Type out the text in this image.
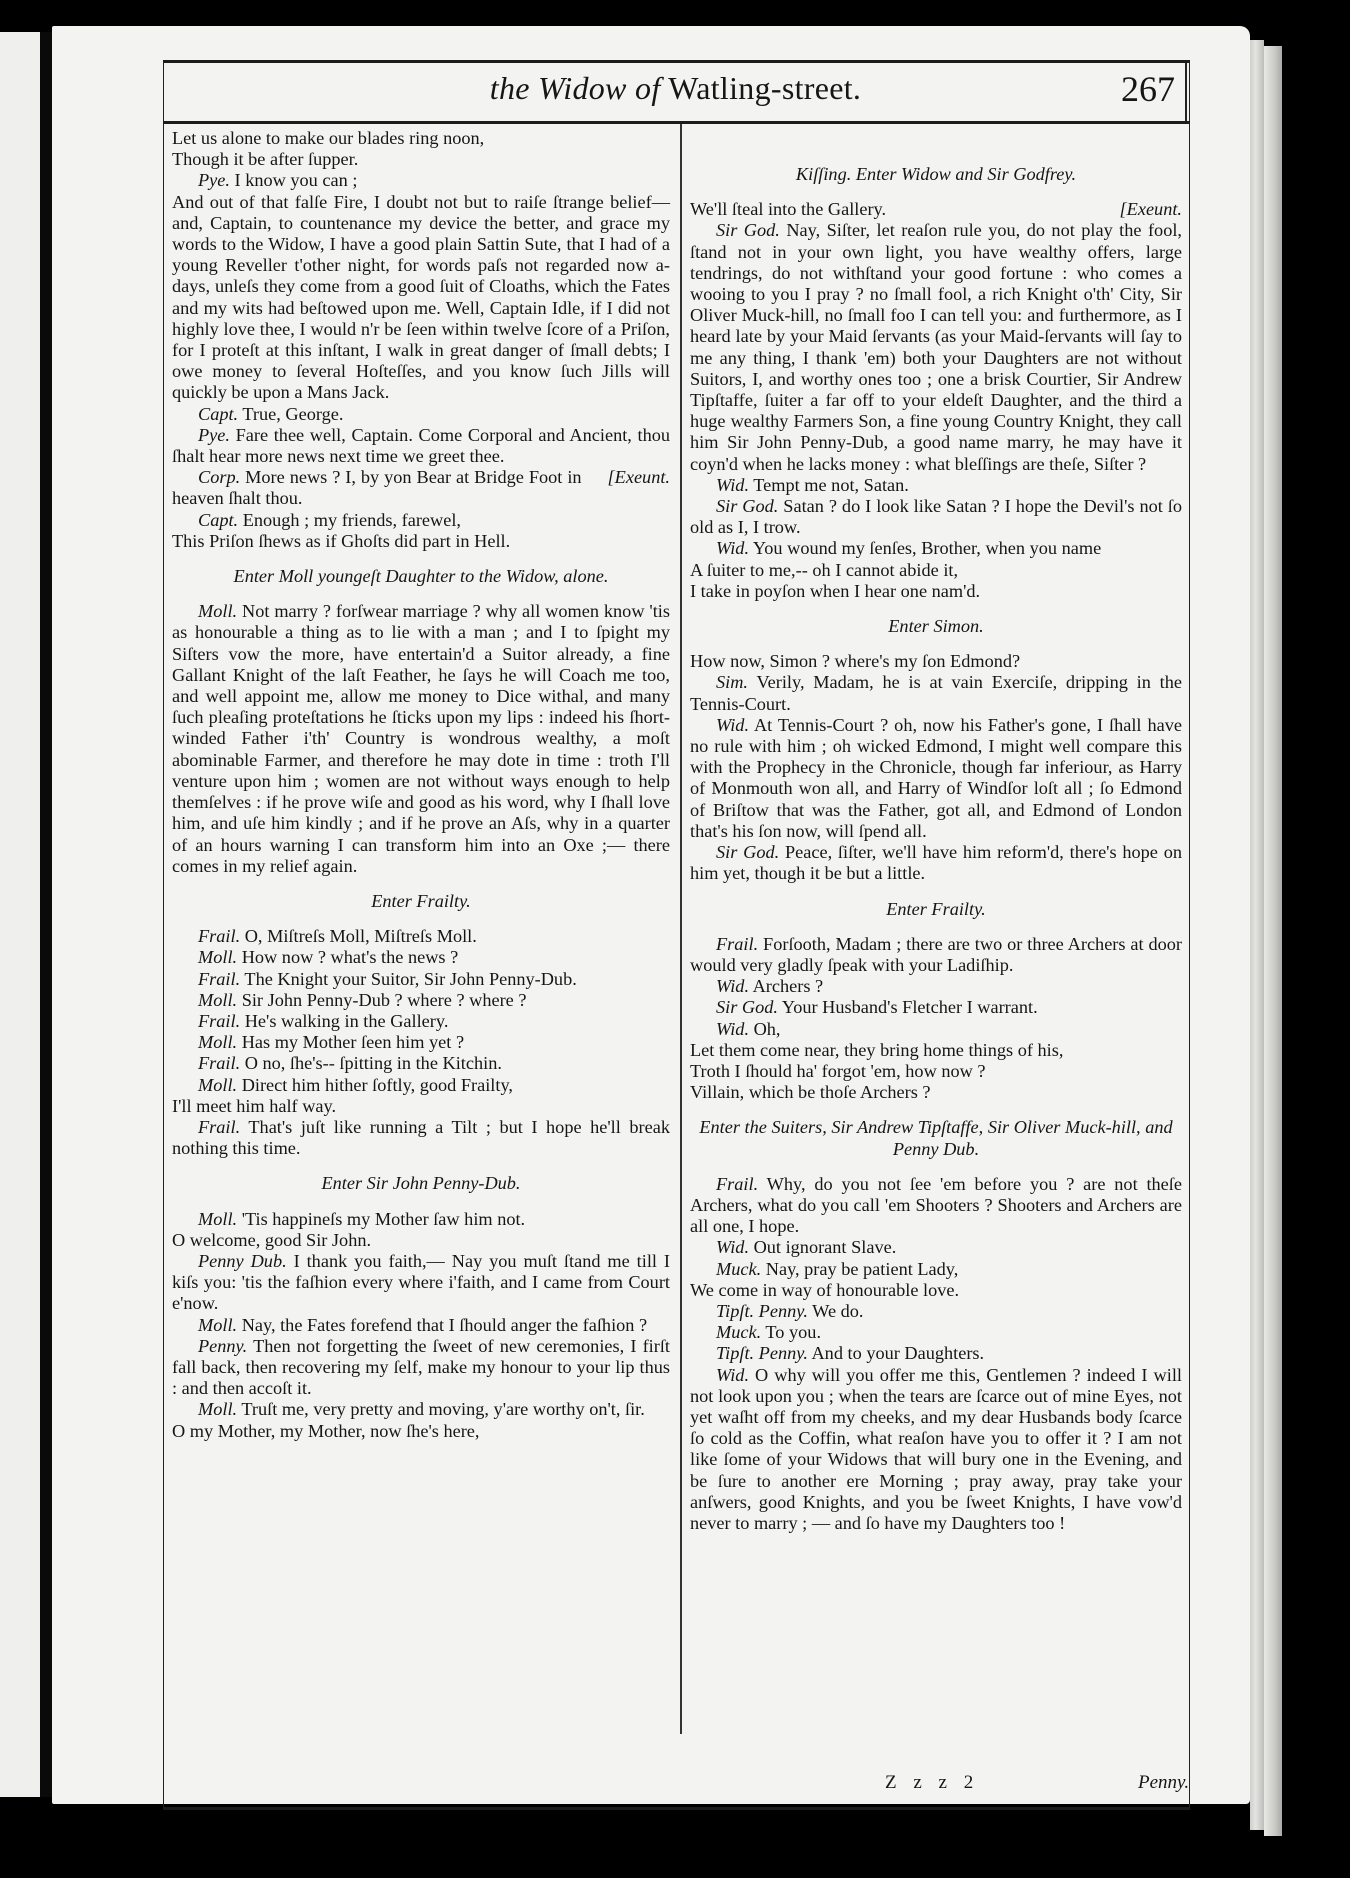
the Widow of Watling-street.	267

Let us alone to make our blades ring noon,

Though it be after ſupper.

Pye. I know you can ;

And out of that falſe Fire, I doubt not but to raiſe ſtrange belief—and, Captain, to countenance my device the better, and grace my words to the Widow, I have a good plain Sattin Sute, that I had of a young Reveller t'other night, for words paſs not regarded now a-days, unleſs they come from a good ſuit of Cloaths, which the Fates and my wits had beſtowed upon me. Well, Captain Idle, if I did not highly love thee, I would n'r be ſeen within twelve ſcore of a Priſon, for I proteſt at this inſtant, I walk in great danger of ſmall debts; I owe money to ſeveral Hoſteſſes, and you know ſuch Jills will quickly be upon a Mans Jack.

Capt. True, George.

Pye. Fare thee well, Captain. Come Corporal and Ancient, thou ſhalt hear more news next time we greet thee.

[Exeunt.
Corp. More news ? I, by yon Bear at Bridge Foot in heaven ſhalt thou.

Capt. Enough ; my friends, farewel,

This Priſon ſhews as if Ghoſts did part in Hell.

Enter Moll youngeſt Daughter to the Widow, alone.

Moll. Not marry ? forſwear marriage ? why all women know 'tis as honourable a thing as to lie with a man ; and I to ſpight my Siſters vow the more, have entertain'd a Suitor already, a fine Gallant Knight of the laſt Feather, he ſays he will Coach me too, and well appoint me, allow me money to Dice withal, and many ſuch pleaſing proteſtations he ſticks upon my lips : indeed his ſhort-winded Father i'th' Country is wondrous wealthy, a moſt abominable Farmer, and therefore he may dote in time : troth I'll venture upon him ; women are not without ways enough to help themſelves : if he prove wiſe and good as his word, why I ſhall love him, and uſe him kindly ; and if he prove an Aſs, why in a quarter of an hours warning I can transform him into an Oxe ;— there comes in my relief again.

Enter Frailty.

Frail. O, Miſtreſs Moll, Miſtreſs Moll.

Moll. How now ? what's the news ?

Frail. The Knight your Suitor, Sir John Penny-Dub.

Moll. Sir John Penny-Dub ? where ? where ?

Frail. He's walking in the Gallery.

Moll. Has my Mother ſeen him yet ?

Frail. O no, ſhe's-- ſpitting in the Kitchin.

Moll. Direct him hither ſoftly, good Frailty,

I'll meet him half way.

Frail. That's juſt like running a Tilt ; but I hope he'll break nothing this time.

Enter Sir John Penny-Dub.

Moll. 'Tis happineſs my Mother ſaw him not.

O welcome, good Sir John.

Penny Dub. I thank you faith,— Nay you muſt ſtand me till I kiſs you: 'tis the faſhion every where i'faith, and I came from Court e'now.

Moll. Nay, the Fates forefend that I ſhould anger the faſhion ?

Penny. Then not forgetting the ſweet of new ceremonies, I firſt fall back, then recovering my ſelf, make my honour to your lip thus : and then accoſt it.

Moll. Truſt me, very pretty and moving, y'are worthy on't, ſir.

O my Mother, my Mother, now ſhe's here,

Kiſſing. Enter Widow and Sir Godfrey.

[Exeunt.
We'll ſteal into the Gallery.

Sir God. Nay, Siſter, let reaſon rule you, do not play the fool, ſtand not in your own light, you have wealthy offers, large tendrings, do not withſtand your good fortune : who comes a wooing to you I pray ? no ſmall fool, a rich Knight o'th' City, Sir Oliver Muck-hill, no ſmall foo I can tell you: and furthermore, as I heard late by your Maid ſervants (as your Maid-ſervants will ſay to me any thing, I thank 'em) both your Daughters are not without Suitors, I, and worthy ones too ; one a brisk Courtier, Sir Andrew Tipſtaffe, ſuiter a far off to your eldeſt Daughter, and the third a huge wealthy Farmers Son, a fine young Country Knight, they call him Sir John Penny-Dub, a good name marry, he may have it coyn'd when he lacks money : what bleſſings are theſe, Siſter ?

Wid. Tempt me not, Satan.

Sir God. Satan ? do I look like Satan ? I hope the Devil's not ſo old as I, I trow.

Wid. You wound my ſenſes, Brother, when you name

A ſuiter to me,-- oh I cannot abide it,

I take in poyſon when I hear one nam'd.

Enter Simon.

How now, Simon ? where's my ſon Edmond?

Sim. Verily, Madam, he is at vain Exerciſe, dripping in the Tennis-Court.

Wid. At Tennis-Court ? oh, now his Father's gone, I ſhall have no rule with him ; oh wicked Edmond, I might well compare this with the Prophecy in the Chronicle, though far inferiour, as Harry of Monmouth won all, and Harry of Windſor loſt all ; ſo Edmond of Briſtow that was the Father, got all, and Edmond of London that's his ſon now, will ſpend all.

Sir God. Peace, ſiſter, we'll have him reform'd, there's hope on him yet, though it be but a little.

Enter Frailty.

Frail. Forſooth, Madam ; there are two or three Archers at door would very gladly ſpeak with your Ladiſhip.

Wid. Archers ?

Sir God. Your Husband's Fletcher I warrant.

Wid. Oh,

Let them come near, they bring home things of his,

Troth I ſhould ha' forgot 'em, how now ?

Villain, which be thoſe Archers ?

Enter the Suiters, Sir Andrew Tipſtaffe, Sir Oliver Muck-hill, and Penny Dub.

Frail. Why, do you not ſee 'em before you ? are not theſe Archers, what do you call 'em Shooters ? Shooters and Archers are all one, I hope.

Wid. Out ignorant Slave.

Muck. Nay, pray be patient Lady,

We come in way of honourable love.

Tipſt. Penny. We do.

Muck. To you.

Tipſt. Penny. And to your Daughters.

Wid. O why will you offer me this, Gentlemen ? indeed I will not look upon you ; when the tears are ſcarce out of mine Eyes, not yet waſht off from my cheeks, and my dear Husbands body ſcarce ſo cold as the Coffin, what reaſon have you to offer it ? I am not like ſome of your Widows that will bury one in the Evening, and be ſure to another ere Morning ; pray away, pray take your anſwers, good Knights, and you be ſweet Knights, I have vow'd never to marry ; — and ſo have my Daughters too !

Z z z 2	Penny.
